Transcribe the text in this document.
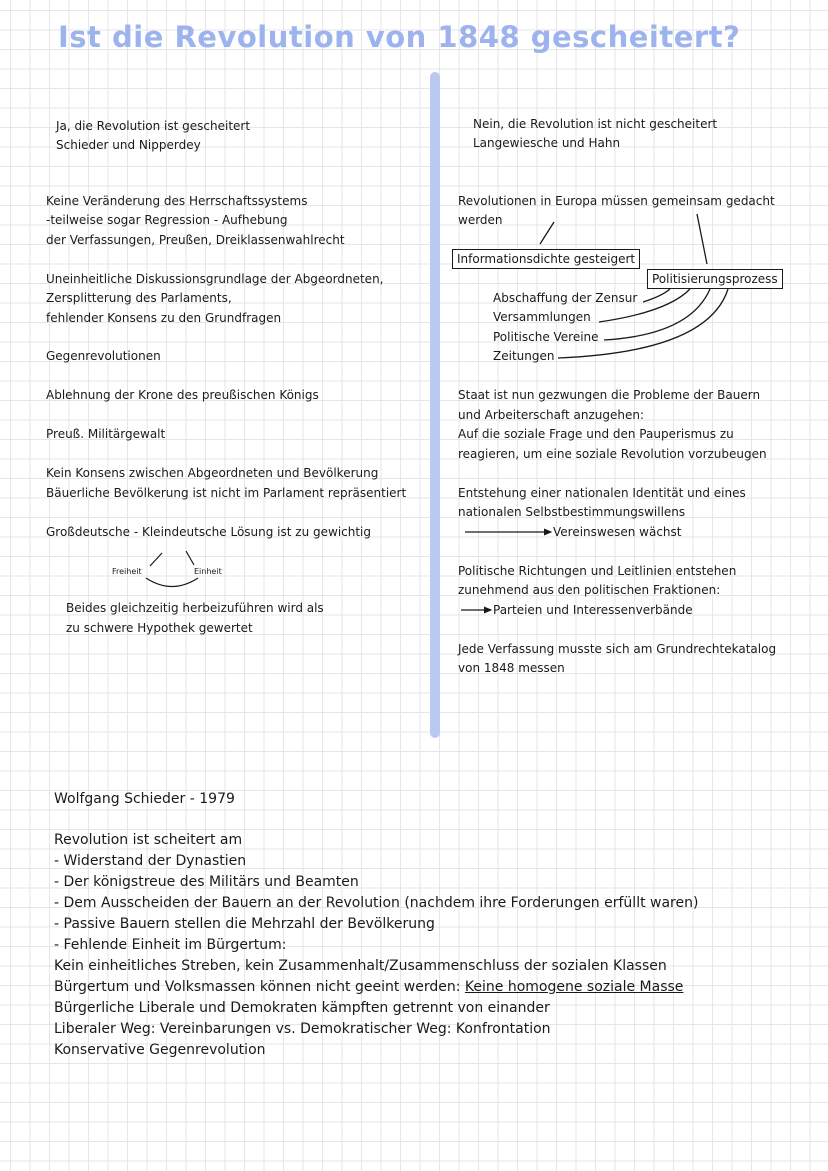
Ist die Revolution von 1848 gescheitert?
Ja, die Revolution ist gescheitert
Schieder und Nipperdey
Keine Veränderung des Herrschaftssystems
-teilweise sogar Regression - Aufhebung
der Verfassungen, Preußen, Dreiklassenwahlrecht
Uneinheitliche Diskussionsgrundlage der Abgeordneten,
Zersplitterung des Parlaments,
fehlender Konsens zu den Grundfragen
Gegenrevolutionen
Ablehnung der Krone des preußischen Königs
Preuß. Militärgewalt
Kein Konsens zwischen Abgeordneten und Bevölkerung
Bäuerliche Bevölkerung ist nicht im Parlament repräsentiert
Großdeutsche - Kleindeutsche Lösung ist zu gewichtig
Freiheit	Einheit
Beides gleichzeitig herbeizuführen wird als
zu schwere Hypothek gewertet
Nein, die Revolution ist nicht gescheitert
Langewiesche und Hahn
Revolutionen in Europa müssen gemeinsam gedacht
werden
Informationsdichte gesteigert
Politisierungsprozess
Abschaffung der Zensur
Versammlungen
Politische Vereine
Zeitungen
Staat ist nun gezwungen die Probleme der Bauern
und Arbeiterschaft anzugehen:
Auf die soziale Frage und den Pauperismus zu
reagieren, um eine soziale Revolution vorzubeugen
Entstehung einer nationalen Identität und eines
nationalen Selbstbestimmungswillens
Vereinswesen wächst
Politische Richtungen und Leitlinien entstehen
zunehmend aus den politischen Fraktionen:
Parteien und Interessenverbände
Jede Verfassung musste sich am Grundrechtekatalog
von 1848 messen
Wolfgang Schieder - 1979
Revolution ist scheitert am
- Widerstand der Dynastien
- Der königstreue des Militärs und Beamten
- Dem Ausscheiden der Bauern an der Revolution (nachdem ihre Forderungen erfüllt waren)
- Passive Bauern stellen die Mehrzahl der Bevölkerung
- Fehlende Einheit im Bürgertum:
Kein einheitliches Streben, kein Zusammenhalt/Zusammenschluss der sozialen Klassen
Bürgertum und Volksmassen können nicht geeint werden: Keine homogene soziale Masse
Bürgerliche Liberale und Demokraten kämpften getrennt von einander
Liberaler Weg: Vereinbarungen vs. Demokratischer Weg: Konfrontation
Konservative Gegenrevolution
